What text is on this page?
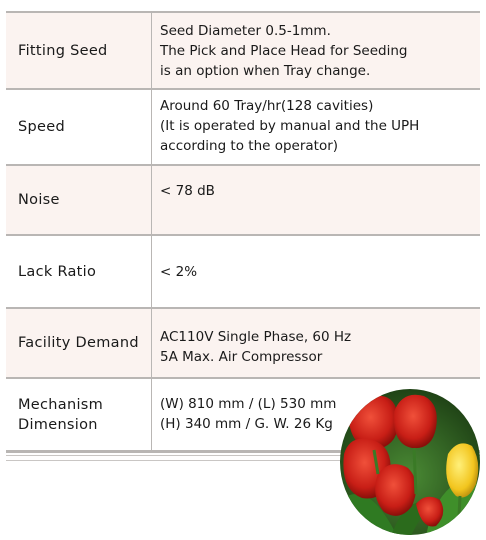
Fitting Seed
Seed Diameter 0.5-1mm.
The Pick and Place Head for Seeding
is an option when Tray change.
Speed
Around 60 Tray/hr(128 cavities)
(It is operated by manual and the UPH
according to the operator)
Noise
< 78 dB
Lack Ratio	< 2%
Facility Demand	AC110V Single Phase, 60 Hz
5A Max. Air Compressor
Mechanism
Dimension
(W) 810 mm / (L) 530 mm
(H) 340 mm / G. W. 26 Kg
